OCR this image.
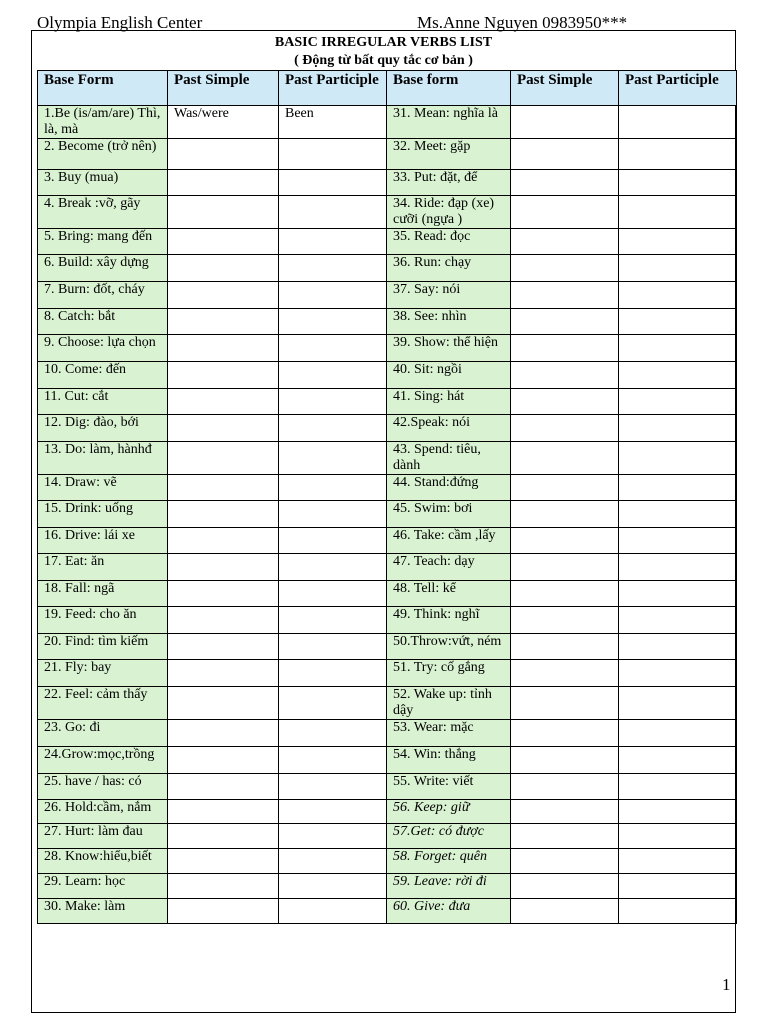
Olympia English Center	Ms.Anne Nguyen 0983950***
BASIC IRREGULAR VERBS LIST
( Động từ bất quy tắc cơ bản )
Base Form	Past Simple	Past Participle	Base form	Past Simple	Past Participle
1.Be (is/am/are) Thì, là, mà	Was/were	Been	31. Mean: nghĩa là		
2. Become (trở nên)			32. Meet: gặp		
3. Buy (mua)			33. Put: đặt, để		
4. Break :vỡ, gãy			34. Ride: đạp (xe) cưỡi (ngựa )		
5. Bring: mang đến			35. Read: đọc		
6. Build: xây dựng			36. Run: chạy		
7. Burn: đốt, cháy			37. Say: nói		
8. Catch: bắt			38. See: nhìn		
9. Choose: lựa chọn			39. Show: thể hiện		
10. Come: đến			40. Sit: ngồi		
11. Cut: cắt			41. Sing: hát		
12. Dig: đào, bới			42.Speak: nói		
13. Do: làm, hànhđ			43. Spend: tiêu, dành		
14. Draw: vẽ			44. Stand:đứng		
15. Drink: uống			45. Swim: bơi		
16. Drive: lái xe			46. Take: cầm ,lấy		
17. Eat: ăn			47. Teach: dạy		
18. Fall: ngã			48. Tell: kể		
19. Feed: cho ăn			49. Think: nghĩ		
20. Find: tìm kiếm			50.Throw:vứt, ném		
21. Fly: bay			51. Try: cố gắng		
22. Feel: cảm thấy			52. Wake up: tỉnh dậy		
23. Go: đi			53. Wear: mặc		
24.Grow:mọc,trồng			54. Win: thắng		
25. have / has: có			55. Write: viết		
26. Hold:cầm, nắm			56. Keep: giữ		
27. Hurt: làm đau			57.Get: có được		
28. Know:hiểu,biết			58. Forget: quên		
29. Learn: học			59. Leave: rời đi		
30. Make: làm			60. Give: đưa		
1
